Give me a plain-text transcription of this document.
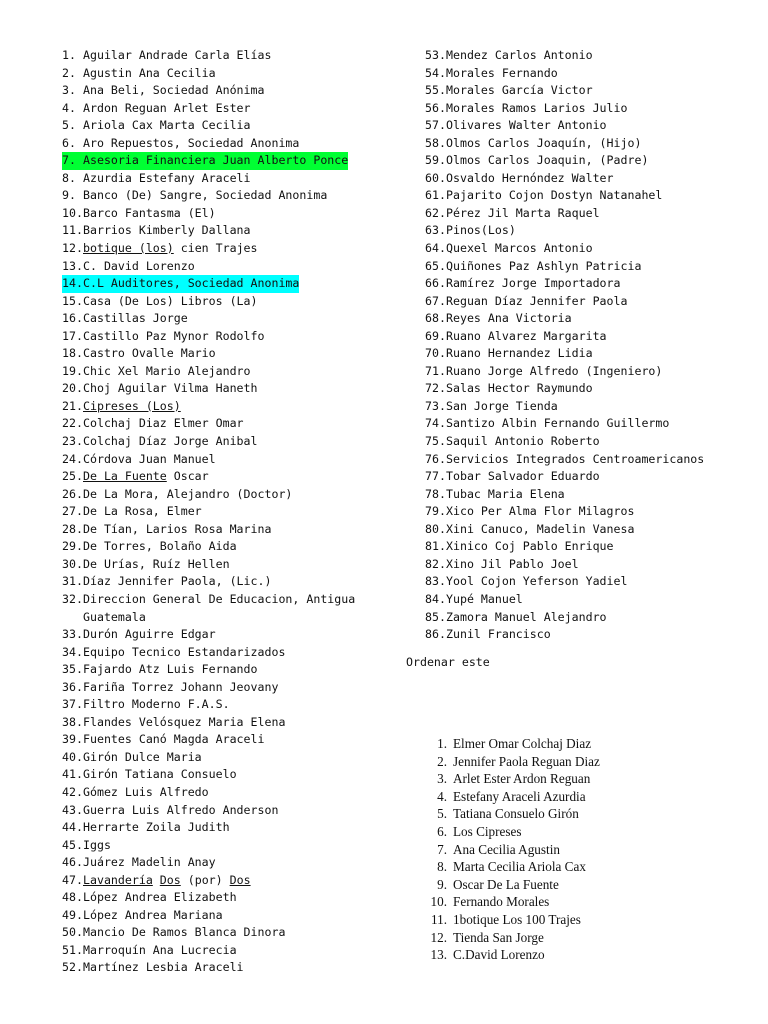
1. Aguilar Andrade Carla Elías
2. Agustin Ana Cecilia
3. Ana Beli, Sociedad Anónima
4. Ardon Reguan Arlet Ester
5. Ariola Cax Marta Cecilia
6. Aro Repuestos, Sociedad Anonima
7. Asesoria Financiera Juan Alberto Ponce
8. Azurdia Estefany Araceli
9. Banco (De) Sangre, Sociedad Anonima
10. Barco Fantasma (El)
11. Barrios Kimberly Dallana
12. botique (los) cien Trajes
13. C. David Lorenzo
14. C.L Auditores, Sociedad Anonima
15. Casa (De Los) Libros (La)
16. Castillas Jorge
17. Castillo Paz Mynor Rodolfo
18. Castro Ovalle Mario
19. Chic Xel Mario Alejandro
20. Choj Aguilar Vilma Haneth
21. Cipreses (Los)
22. Colchaj Diaz Elmer Omar
23. Colchaj Díaz Jorge Anibal
24. Córdova Juan Manuel
25. De La Fuente Oscar
26. De La Mora, Alejandro (Doctor)
27. De La Rosa, Elmer
28. De Tían, Larios Rosa Marina
29. De Torres, Bolaño Aida
30. De Urías, Ruíz Hellen
31. Díaz Jennifer Paola, (Lic.)
32. Direccion General De Educacion, Antigua Guatemala
33. Durón Aguirre Edgar
34. Equipo Tecnico Estandarizados
35. Fajardo Atz Luis Fernando
36. Fariña Torrez Johann Jeovany
37. Filtro Moderno F.A.S.
38. Flandes Velósquez Maria Elena
39. Fuentes Canó Magda Araceli
40. Girón Dulce Maria
41. Girón Tatiana Consuelo
42. Gómez Luis Alfredo
43. Guerra Luis Alfredo Anderson
44. Herrarte Zoila Judith
45. Iggs
46. Juárez Madelin Anay
47. Lavandería Dos (por) Dos
48. López Andrea Elizabeth
49. López Andrea Mariana
50. Mancio De Ramos Blanca Dinora
51. Marroquín Ana Lucrecia
52. Martínez Lesbia Araceli
53. Mendez Carlos Antonio
54. Morales Fernando
55. Morales García Victor
56. Morales Ramos Larios Julio
57. Olivares Walter Antonio
58. Olmos Carlos Joaquín, (Hijo)
59. Olmos Carlos Joaquin, (Padre)
60. Osvaldo Hernóndez Walter
61. Pajarito Cojon Dostyn Natanahel
62. Pérez Jil Marta Raquel
63. Pinos(Los)
64. Quexel Marcos Antonio
65. Quiñones Paz Ashlyn Patricia
66. Ramírez Jorge Importadora
67. Reguan Díaz Jennifer Paola
68. Reyes Ana Victoria
69. Ruano Alvarez Margarita
70. Ruano Hernandez Lidia
71. Ruano Jorge Alfredo (Ingeniero)
72. Salas Hector Raymundo
73. San Jorge Tienda
74. Santizo Albin Fernando Guillermo
75. Saquil Antonio Roberto
76. Servicios Integrados Centroamericanos
77. Tobar Salvador Eduardo
78. Tubac Maria Elena
79. Xico Per Alma Flor Milagros
80. Xini Canuco, Madelin Vanesa
81. Xinico Coj Pablo Enrique
82. Xino Jil Pablo Joel
83. Yool Cojon Yeferson Yadiel
84. Yupé Manuel
85. Zamora Manuel Alejandro
86. Zunil Francisco
Ordenar este
1. Elmer Omar Colchaj Diaz
2. Jennifer Paola Reguan Diaz
3. Arlet Ester Ardon Reguan
4. Estefany Araceli Azurdia
5. Tatiana Consuelo Girón
6. Los Cipreses
7. Ana Cecilia Agustin
8. Marta Cecilia Ariola Cax
9. Oscar De La Fuente
10. Fernando Morales
11. 1botique Los 100 Trajes
12. Tienda San Jorge
13. C.David Lorenzo
